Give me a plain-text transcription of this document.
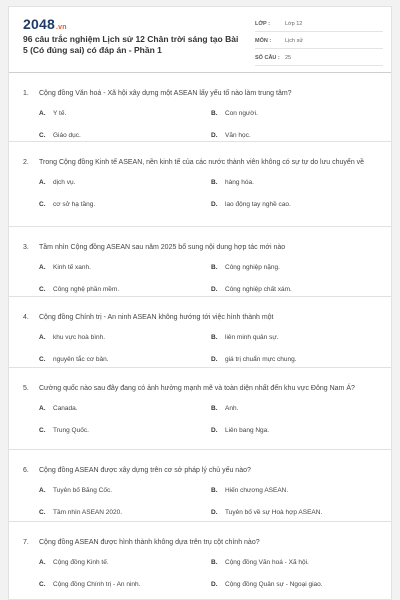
2048.vn
96 câu trắc nghiệm Lịch sử 12 Chân trời sáng tạo Bài 5 (Có đúng sai) có đáp án - Phần 1
LỚP :	Lớp 12
MÔN :	Lịch sử
SỐ CÂU : 25
1.	Cộng đồng Văn hoá - Xã hội xây dựng một ASEAN lấy yếu tố nào làm trung tâm?
A.	Y tế.	B.	Con người.
C.	Giáo dục.	D.	Văn học.
2.	Trong Cộng đồng Kinh tế ASEAN, nền kinh tế của các nước thành viên không có sự tự do lưu chuyển về
A.	dịch vụ.	B.	hàng hóa.
C.	cơ sở hạ tầng.	D.	lao động tay nghề cao.
3.	Tầm nhìn Cộng đồng ASEAN sau năm 2025 bổ sung nội dung hợp tác mới nào
A.	Kinh tế xanh.	B.	Công nghiệp nặng.
C.	Công nghệ phần mềm.	D.	Công nghiệp chất xám.
4.	Cộng đồng Chính trị - An ninh ASEAN không hướng tới việc hình thành một
A.	khu vực hoà bình.	B.	liên minh quân sự.
C.	nguyên tắc cơ bản.	D.	giá trị chuẩn mực chung.
5.	Cường quốc nào sau đây đang có ảnh hưởng mạnh mẽ và toàn diện nhất đến khu vực Đông Nam Á?
A.	Canada.	B.	Anh.
C.	Trung Quốc.	D.	Liên bang Nga.
6.	Cộng đồng ASEAN được xây dựng trên cơ sở pháp lý chủ yếu nào?
A.	Tuyên bố Băng Cốc.	B.	Hiến chương ASEAN.
C.	Tầm nhìn ASEAN 2020.	D.	Tuyên bố về sự Hoà hợp ASEAN.
7.	Cộng đồng ASEAN được hình thành không dựa trên trụ cột chính nào?
A.	Cộng đồng Kinh tế.	B.	Cộng đồng Văn hoá - Xã hội.
C.	Cộng đồng Chính trị - An ninh.	D.	Cộng đồng Quân sự - Ngoại giao.
